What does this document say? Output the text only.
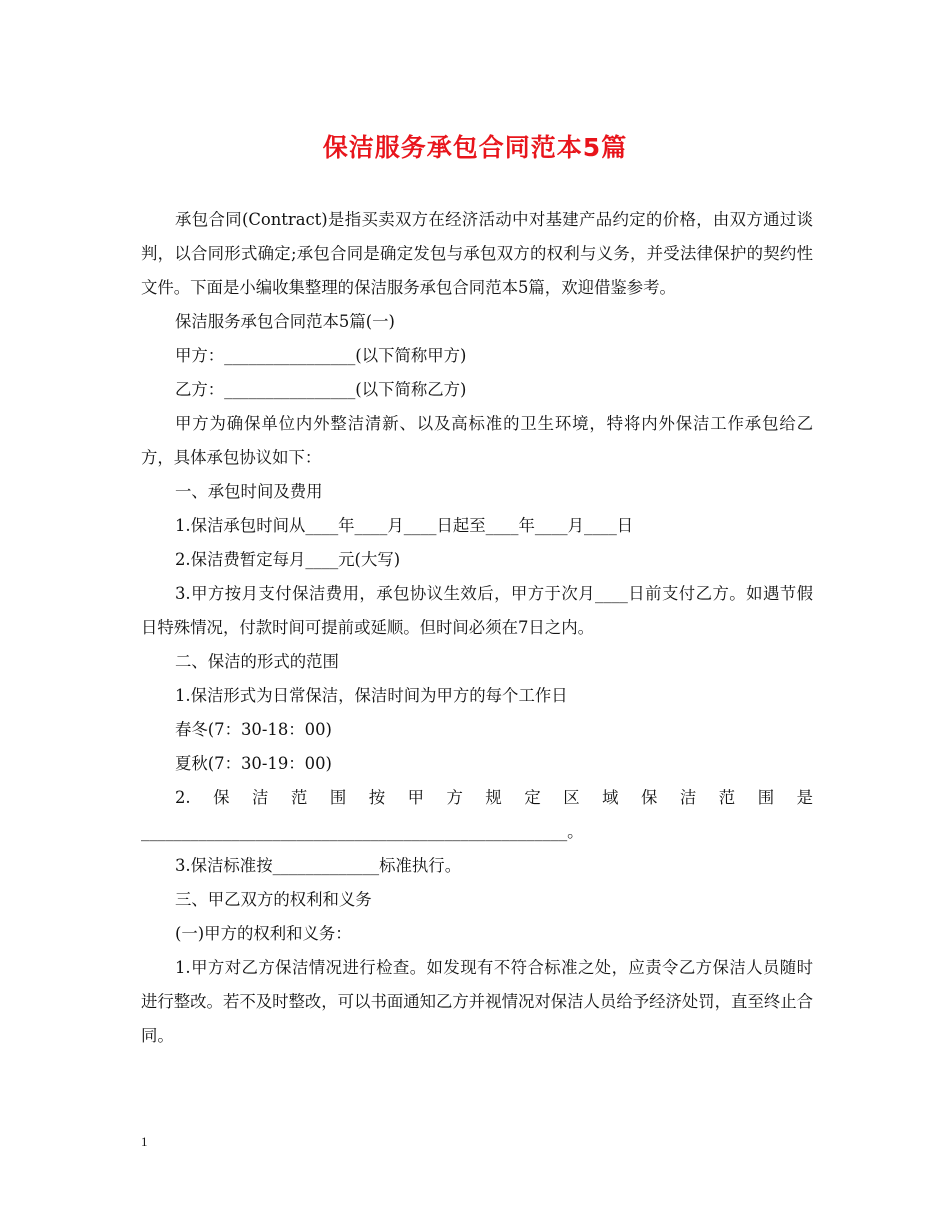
保洁服务承包合同范本5篇

承包合同(Contract)是指买卖双方在经济活动中对基建产品约定的价格，由双方通过谈判，以合同形式确定;承包合同是确定发包与承包双方的权利与义务，并受法律保护的契约性文件。下面是小编收集整理的保洁服务承包合同范本5篇，欢迎借鉴参考。

保洁服务承包合同范本5篇(一)

甲方：________________(以下简称甲方)

乙方：________________(以下简称乙方)

甲方为确保单位内外整洁清新、以及高标准的卫生环境，特将内外保洁工作承包给乙方，具体承包协议如下：

一、承包时间及费用

1.保洁承包时间从____年____月____日起至____年____月____日

2.保洁费暂定每月____元(大写)

3.甲方按月支付保洁费用，承包协议生效后，甲方于次月____日前支付乙方。如遇节假日特殊情况，付款时间可提前或延顺。但时间必须在7日之内。

二、保洁的形式的范围

1.保洁形式为日常保洁，保洁时间为甲方的每个工作日

春冬(7：30-18：00)

夏秋(7：30-19：00)

2.保洁范围按甲方规定区域保洁范围是____________________________________________________。

3.保洁标准按_____________标准执行。

三、甲乙双方的权利和义务

(一)甲方的权利和义务：

1.甲方对乙方保洁情况进行检查。如发现有不符合标准之处，应责令乙方保洁人员随时进行整改。若不及时整改，可以书面通知乙方并视情况对保洁人员给予经济处罚，直至终止合同。

1
